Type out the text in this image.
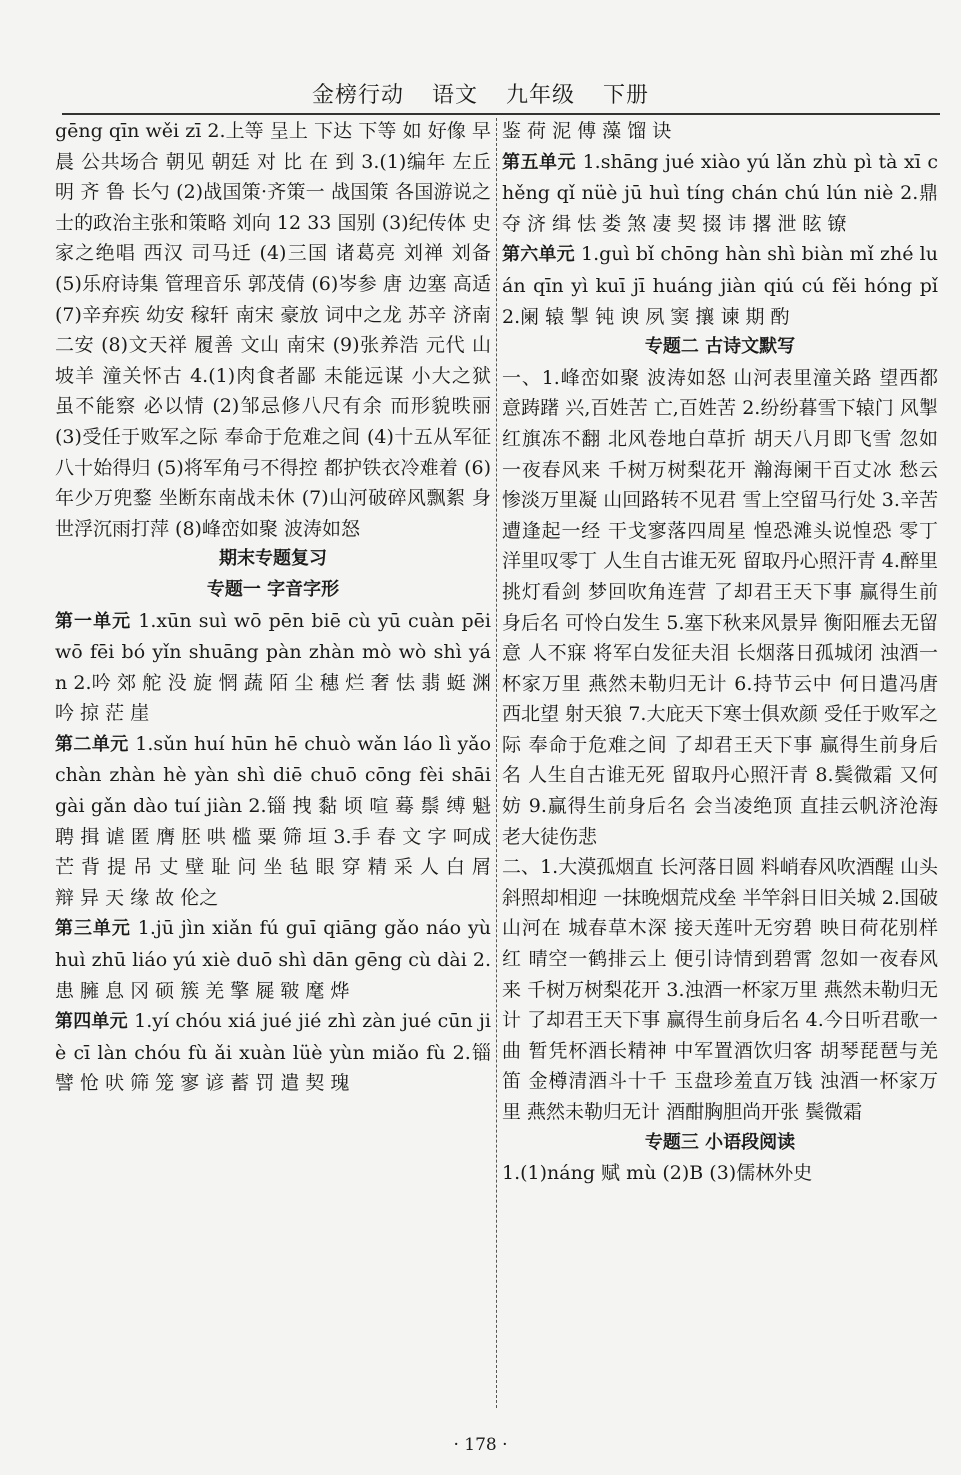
金榜行动 语文 九年级 下册

gēng qīn wěi zī 2.上等 呈上 下达 下等 如 好像 早晨 公共场合 朝见 朝廷 对 比 在 到 3.(1)编年 左丘明 齐 鲁 长勺 (2)战国策·齐策一 战国策 各国游说之士的政治主张和策略 刘向 12 33 国别 (3)纪传体 史家之绝唱 西汉 司马迁 (4)三国 诸葛亮 刘禅 刘备 (5)乐府诗集 管理音乐 郭茂倩 (6)岑参 唐 边塞 高适 (7)辛弃疾 幼安 稼轩 南宋 豪放 词中之龙 苏辛 济南二安 (8)文天祥 履善 文山 南宋 (9)张养浩 元代 山坡羊 潼关怀古 4.(1)肉食者鄙 未能远谋 小大之狱 虽不能察 必以情 (2)邹忌修八尺有余 而形貌昳丽 (3)受任于败军之际 奉命于危难之间 (4)十五从军征 八十始得归 (5)将军角弓不得控 都护铁衣冷难着 (6)年少万兜鍪 坐断东南战未休 (7)山河破碎风飘絮 身世浮沉雨打萍 (8)峰峦如聚 波涛如怒

期末专题复习

专题一 字音字形

第一单元 1.xūn suì wō pēn biē cù yū cuàn pēi wō fēi bó yǐn shuāng pàn zhàn mò wò shì yán 2.吟 郊 舵 没 旋 惘 蔬 陌 尘 穗 烂 奢 怯 翡 蜓 渊 吟 掠 茫 崖

第二单元 1.sǔn huí hūn hē chuò wǎn láo lì yǎo chàn zhàn hè yàn shì diē chuō cōng fèi shāi gài gǎn dào tuí jiàn 2.锱 拽 黏 顷 喧 蓦 鬃 缚 魁 聘 揖 谑 匿 膺 胚 哄 槛 粟 筛 垣 3.手 春 文 字 呵成 芒 背 提 吊 丈 壁 耻 问 坐 毡 眼 穿 精 采 人 白 屑 辩 异 天 缘 故 伦之

第三单元 1.jū jìn xiǎn fú guī qiāng gǎo náo yù huì zhū liáo yú xiè duō shì dān gēng cù dài 2.患 臃 息 冈 硕 簇 羌 擎 屣 皲 麾 烨

第四单元 1.yí chóu xiá jué jié zhì zàn jué cūn jiè cī làn chóu fù ǎi xuàn lüè yùn miǎo fù 2.锱 譬 怆 吠 筛 笼 寥 谚 蓄 罚 遣 契 瑰

鉴 荷 泥 傅 藻 馏 诀

第五单元 1.shāng jué xiào yú lǎn zhù pì tà xī chěng qǐ nüè jū huì tíng chán chú lún niè 2.鼎 夺 济 缉 怯 娄 煞 凄 契 掇 讳 撂 泄 眩 镣

第六单元 1.guì bǐ chōng hàn shì biàn mǐ zhé luán qīn yì kuī jī huáng jiàn qiú cú fěi hóng pǐ 2.阑 辕 掣 钝 谀 夙 窦 攘 谏 期 酌

专题二 古诗文默写

一、1.峰峦如聚 波涛如怒 山河表里潼关路 望西都 意踌躇 兴,百姓苦 亡,百姓苦 2.纷纷暮雪下辕门 风掣红旗冻不翻 北风卷地白草折 胡天八月即飞雪 忽如一夜春风来 千树万树梨花开 瀚海阑干百丈冰 愁云惨淡万里凝 山回路转不见君 雪上空留马行处 3.辛苦遭逢起一经 干戈寥落四周星 惶恐滩头说惶恐 零丁洋里叹零丁 人生自古谁无死 留取丹心照汗青 4.醉里挑灯看剑 梦回吹角连营 了却君王天下事 赢得生前身后名 可怜白发生 5.塞下秋来风景异 衡阳雁去无留意 人不寐 将军白发征夫泪 长烟落日孤城闭 浊酒一杯家万里 燕然未勒归无计 6.持节云中 何日遣冯唐 西北望 射天狼 7.大庇天下寒士俱欢颜 受任于败军之际 奉命于危难之间 了却君王天下事 赢得生前身后名 人生自古谁无死 留取丹心照汗青 8.鬓微霜 又何妨 9.赢得生前身后名 会当凌绝顶 直挂云帆济沧海 老大徒伤悲

二、1.大漠孤烟直 长河落日圆 料峭春风吹酒醒 山头斜照却相迎 一抹晚烟荒戍垒 半竿斜日旧关城 2.国破山河在 城春草木深 接天莲叶无穷碧 映日荷花别样红 晴空一鹤排云上 便引诗情到碧霄 忽如一夜春风来 千树万树梨花开 3.浊酒一杯家万里 燕然未勒归无计 了却君王天下事 赢得生前身后名 4.今日听君歌一曲 暂凭杯酒长精神 中军置酒饮归客 胡琴琵琶与羌笛 金樽清酒斗十千 玉盘珍羞直万钱 浊酒一杯家万里 燕然未勒归无计 酒酣胸胆尚开张 鬓微霜

专题三 小语段阅读

1.(1)náng 赋 mù (2)B (3)儒林外史

· 178 ·
